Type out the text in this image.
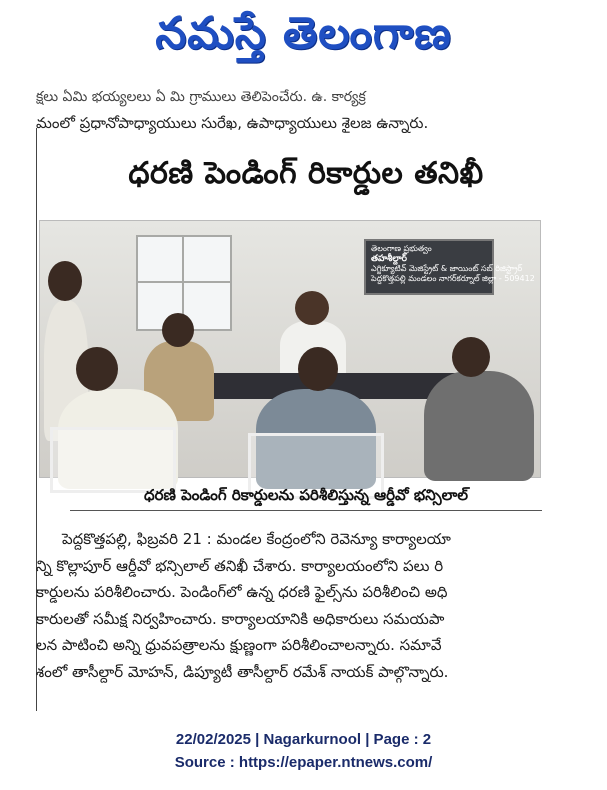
నమస్తే తెలంగాణ
క్షలు ఏమి భయ్యలలు ఏ మి గ్రాములు తెలిపెంచేరు. ఉ. కార్యక్ర
మంలో ప్రధానోపాధ్యాయులు సురేఖ, ఉపాధ్యాయులు శైలజ ఉన్నారు.
ధరణి పెండింగ్ రికార్డుల తనిఖీ
తెలంగాణ ప్రభుత్వం
తహశీల్దార్
ఎగ్జిక్యూటివ్ మెజిస్ట్రేట్ & జాయింట్ సబ్ రిజిస్ట్రార్
పెద్దకొత్తపల్లి మండలం నాగర్‌కర్నూల్ జిల్లా - 509412
ధరణి పెండింగ్ రికార్డులను పరిశీలిస్తున్న ఆర్డీవో భన్సిలాల్

పెద్దకొత్తపల్లి, ఫిబ్రవరి 21 : మండల కేంద్రంలోని రెవెన్యూ కార్యాలయా

న్ని కొల్లాపూర్ ఆర్డీవో భన్సిలాల్ తనిఖీ చేశారు. కార్యాలయంలోని పలు రి

కార్డులను పరిశీలించారు. పెండింగ్‌లో ఉన్న ధరణి ఫైల్స్‌ను పరిశీలించి అధి

కారులతో సమీక్ష నిర్వహించారు. కార్యాలయానికి అధికారులు సమయపా

లన పాటించి అన్ని ధ్రువపత్రాలను క్షుణ్ణంగా పరిశీలించాలన్నారు. సమావే

శంలో తాసీల్దార్ మోహన్, డిప్యూటీ తాసీల్దార్ రమేశ్ నాయక్ పాల్గొన్నారు.

22/02/2025 | Nagarkurnool | Page : 2
Source : https://epaper.ntnews.com/
